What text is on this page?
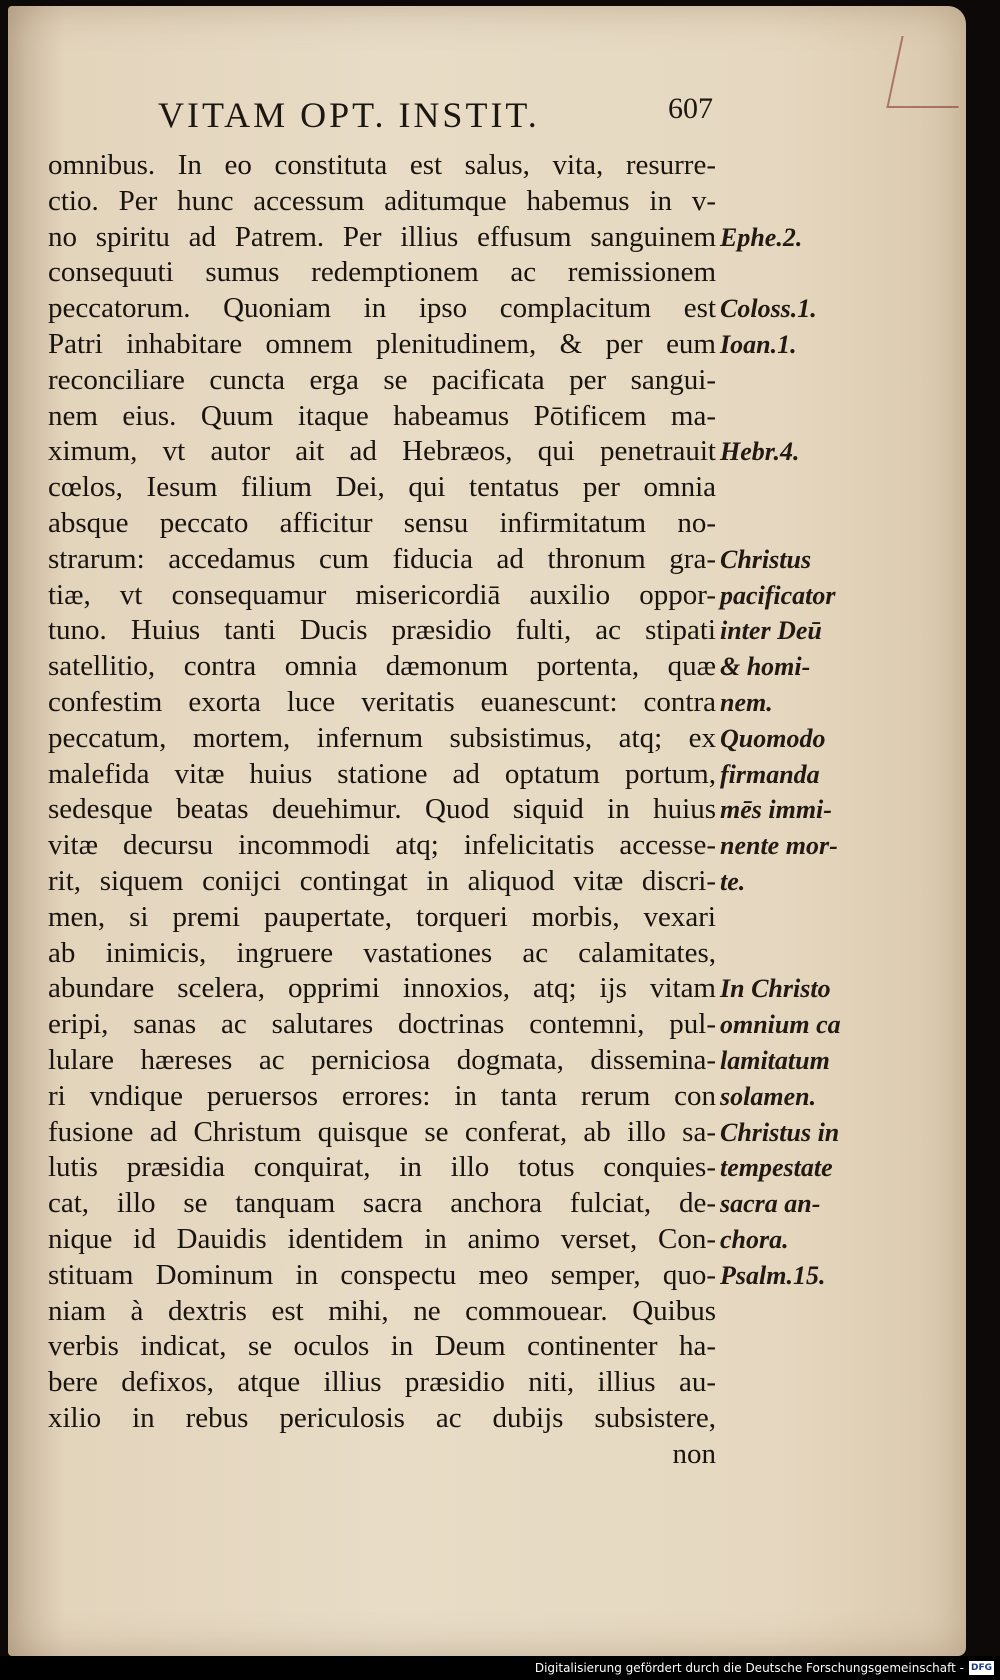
VITAM OPT. INSTIT.	607
omnibus. In eo constituta est salus, vita, resurre-
ctio. Per hunc accessum aditumque habemus in v-
no spiritu ad Patrem. Per illius effusum sanguinem
consequuti sumus redemptionem ac remissionem
peccatorum. Quoniam in ipso complacitum est
Patri inhabitare omnem plenitudinem, & per eum
reconciliare cuncta erga se pacificata per sangui-
nem eius. Quum itaque habeamus Pōtificem ma-
ximum, vt autor ait ad Hebræos, qui penetrauit
cœlos, Iesum filium Dei, qui tentatus per omnia
absque peccato afficitur sensu infirmitatum no-
strarum: accedamus cum fiducia ad thronum gra-
tiæ, vt consequamur misericordiā auxilio oppor-
tuno. Huius tanti Ducis præsidio fulti, ac stipati
satellitio, contra omnia dæmonum portenta, quæ
confestim exorta luce veritatis euanescunt: contra
peccatum, mortem, infernum subsistimus, atq; ex
malefida vitæ huius statione ad optatum portum,
sedesque beatas deuehimur. Quod siquid in huius
vitæ decursu incommodi atq; infelicitatis accesse-
rit, siquem conijci contingat in aliquod vitæ discri-
men, si premi paupertate, torqueri morbis, vexari
ab inimicis, ingruere vastationes ac calamitates,
abundare scelera, opprimi innoxios, atq; ijs vitam
eripi, sanas ac salutares doctrinas contemni, pul-
lulare hæreses ac perniciosa dogmata, dissemina-
ri vndique peruersos errores: in tanta rerum con
fusione ad Christum quisque se conferat, ab illo sa-
lutis præsidia conquirat, in illo totus conquies-
cat, illo se tanquam sacra anchora fulciat, de-
nique id Dauidis identidem in animo verset, Con-
stituam Dominum in conspectu meo semper, quo-
niam à dextris est mihi, ne commouear. Quibus
verbis indicat, se oculos in Deum continenter ha-
bere defixos, atque illius præsidio niti, illius au-
xilio in rebus periculosis ac dubijs subsistere,
non
Ephe.2.
Coloss.1.
Ioan.1.
Hebr.4.
Christus
pacificator
inter Deū
& homi-
nem.
Quomodo
firmanda
mēs immi-
nente mor-
te.
In Christo
omnium ca
lamitatum
solamen.
Christus in
tempestate
sacra an-
chora.
Psalm.15.
Digitalisierung gefördert durch die Deutsche Forschungsgemeinschaft - DFG
